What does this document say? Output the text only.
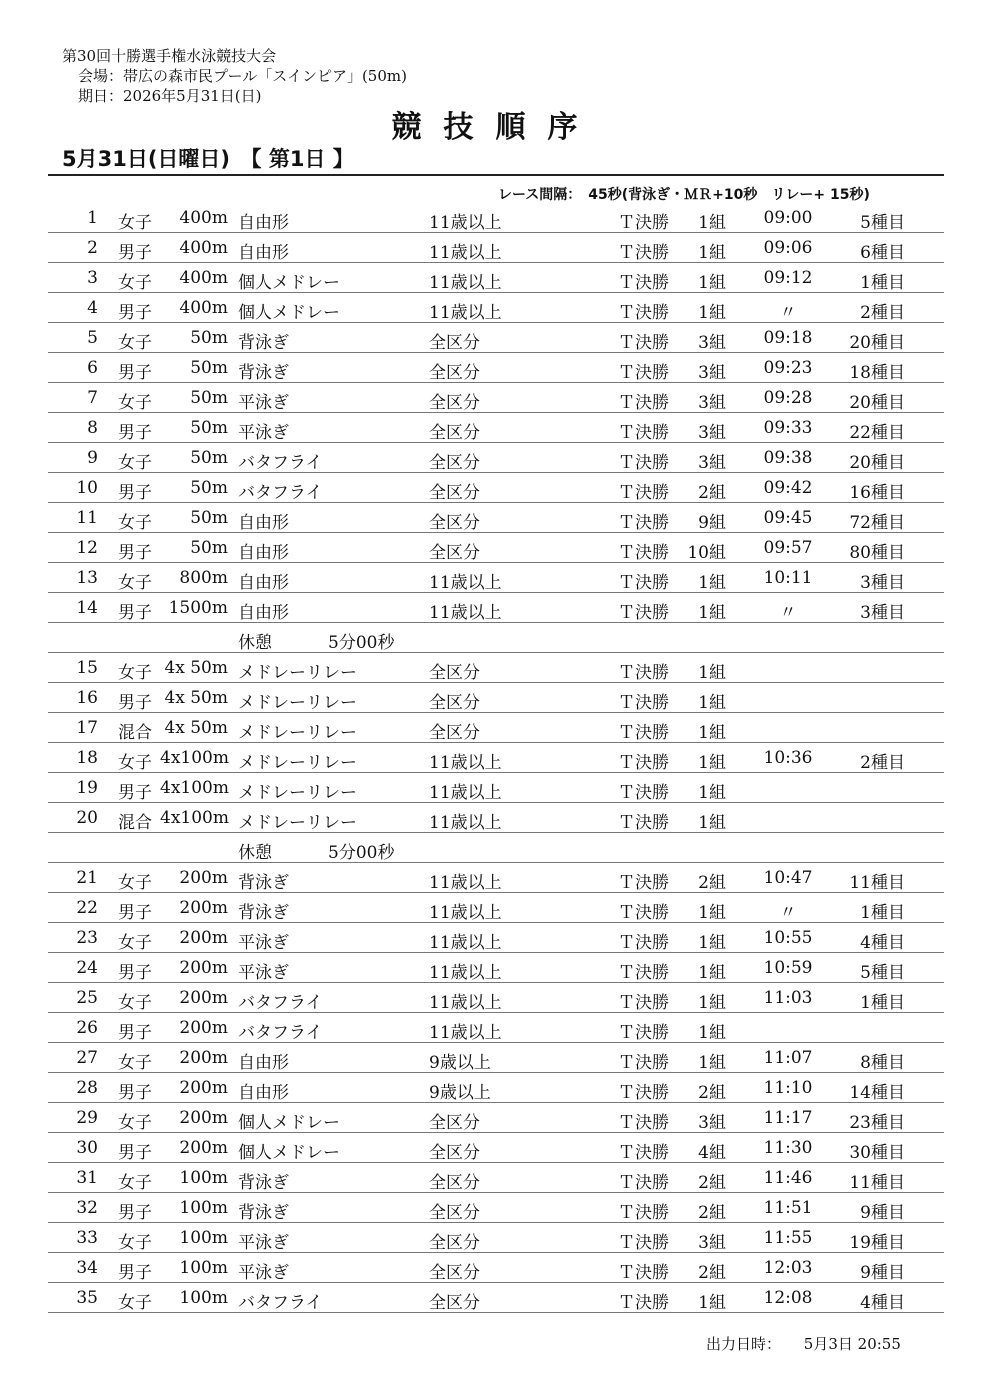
第30回十勝選手権水泳競技大会
会場：帯広の森市民プール「スインピア」(50m)
期日：2026年5月31日(日)
競技順序
5月31日(日曜日)　【 第1日 】
レース間隔：　45秒(背泳ぎ・ＭＲ+10秒　リレー+ 15秒)
1 女子	400m 自由形	11歳以上	Ｔ決勝	1組	09:00	5種目
2 男子	400m 自由形	11歳以上	Ｔ決勝	1組	09:06	6種目
3 女子	400m 個人メドレー	11歳以上	Ｔ決勝	1組	09:12	1種目
4 男子	400m 個人メドレー	11歳以上	Ｔ決勝	1組	〃	2種目
5 女子	50m 背泳ぎ	全区分	Ｔ決勝	3組	09:18	20種目
6 男子	50m 背泳ぎ	全区分	Ｔ決勝	3組	09:23	18種目
7 女子	50m 平泳ぎ	全区分	Ｔ決勝	3組	09:28	20種目
8 男子	50m 平泳ぎ	全区分	Ｔ決勝	3組	09:33	22種目
9 女子	50m バタフライ	全区分	Ｔ決勝	3組	09:38	20種目
10 男子	50m バタフライ	全区分	Ｔ決勝	2組	09:42	16種目
11 女子	50m 自由形	全区分	Ｔ決勝	9組	09:45	72種目
12 男子	50m 自由形	全区分	Ｔ決勝	10組	09:57	80種目
13 女子	800m 自由形	11歳以上	Ｔ決勝	1組	10:11	3種目
14 男子 1500m 自由形	11歳以上	Ｔ決勝	1組	〃	3種目
休憩	5分00秒
15 女子 4x 50m メドレーリレー	全区分	Ｔ決勝	1組
16 男子 4x 50m メドレーリレー	全区分	Ｔ決勝	1組
17 混合 4x 50m メドレーリレー	全区分	Ｔ決勝	1組
18 女子 4x100m メドレーリレー	11歳以上	Ｔ決勝	1組	10:36	2種目
19 男子 4x100m メドレーリレー	11歳以上	Ｔ決勝	1組
20 混合 4x100m メドレーリレー	11歳以上	Ｔ決勝	1組
休憩	5分00秒
21 女子	200m 背泳ぎ	11歳以上	Ｔ決勝	2組	10:47	11種目
22 男子	200m 背泳ぎ	11歳以上	Ｔ決勝	1組	〃	1種目
23 女子	200m 平泳ぎ	11歳以上	Ｔ決勝	1組	10:55	4種目
24 男子	200m 平泳ぎ	11歳以上	Ｔ決勝	1組	10:59	5種目
25 女子	200m バタフライ	11歳以上	Ｔ決勝	1組	11:03	1種目
26 男子	200m バタフライ	11歳以上	Ｔ決勝	1組
27 女子	200m 自由形	9歳以上	Ｔ決勝	1組	11:07	8種目
28 男子	200m 自由形	9歳以上	Ｔ決勝	2組	11:10	14種目
29 女子	200m 個人メドレー	全区分	Ｔ決勝	3組	11:17	23種目
30 男子	200m 個人メドレー	全区分	Ｔ決勝	4組	11:30	30種目
31 女子	100m 背泳ぎ	全区分	Ｔ決勝	2組	11:46	11種目
32 男子	100m 背泳ぎ	全区分	Ｔ決勝	2組	11:51	9種目
33 女子	100m 平泳ぎ	全区分	Ｔ決勝	3組	11:55	19種目
34 男子	100m 平泳ぎ	全区分	Ｔ決勝	2組	12:03	9種目
35 女子	100m バタフライ	全区分	Ｔ決勝	1組	12:08	4種目
出力日時： 5月3日 20:55
